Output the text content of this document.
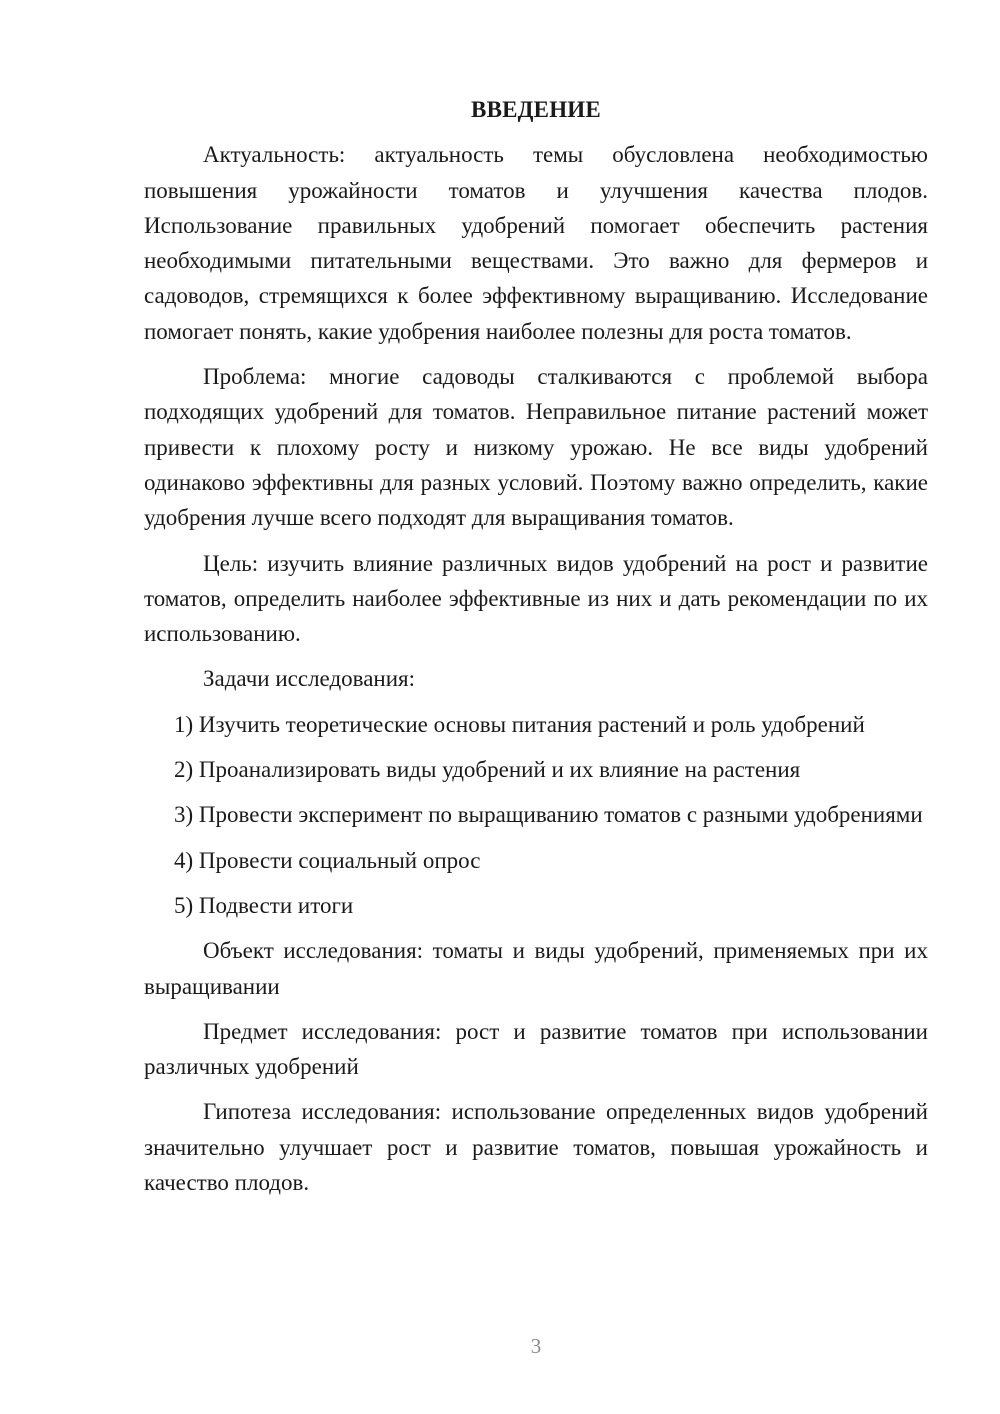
ВВЕДЕНИЕ
Актуальность: актуальность темы обусловлена необходимостью повышения урожайности томатов и улучшения качества плодов. Использование правильных удобрений помогает обеспечить растения необходимыми питательными веществами. Это важно для фермеров и садоводов, стремящихся к более эффективному выращиванию. Исследование помогает понять, какие удобрения наиболее полезны для роста томатов.
Проблема: многие садоводы сталкиваются с проблемой выбора подходящих удобрений для томатов. Неправильное питание растений может привести к плохому росту и низкому урожаю. Не все виды удобрений одинаково эффективны для разных условий. Поэтому важно определить, какие удобрения лучше всего подходят для выращивания томатов.
Цель: изучить влияние различных видов удобрений на рост и развитие томатов, определить наиболее эффективные из них и дать рекомендации по их использованию.
Задачи исследования:
1) Изучить теоретические основы питания растений и роль удобрений
2) Проанализировать виды удобрений и их влияние на растения
3) Провести эксперимент по выращиванию томатов с разными удобрениями
4) Провести социальный опрос
5) Подвести итоги
Объект исследования: томаты и виды удобрений, применяемых при их выращивании
Предмет исследования: рост и развитие томатов при использовании различных удобрений
Гипотеза исследования: использование определенных видов удобрений значительно улучшает рост и развитие томатов, повышая урожайность и качество плодов.
3
